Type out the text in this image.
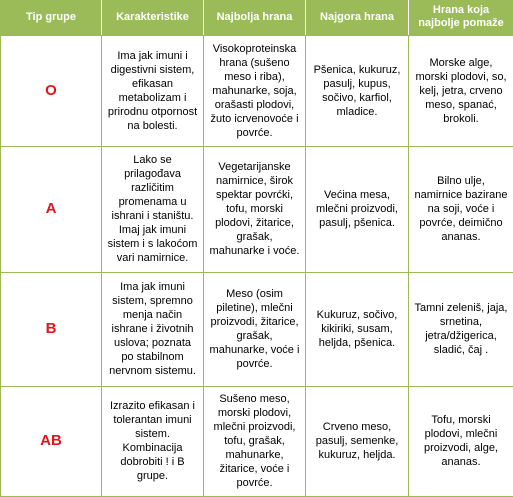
Tip grupe	Karakteristike	Najbolja hrana	Najgora hrana	Hrana koja najbolje pomaže
O	Ima jak imuni i digestivni sistem, efikasan metabolizam i prirodnu otpornost na bolesti.	Visokoproteinska hrana (sušeno meso i riba), mahunarke, soja, orašasti plodovi, žuto icrvenovoće i povrće.	Pšenica, kukuruz, pasulj, kupus, sočivo, karfiol, mladice.	Morske alge, morski plodovi, so, kelj, jetra, crveno meso, spanać, brokoli.
A	Lako se prilagođava različitim promenama u ishrani i staništu. Imaj jak imuni sistem i s lakoćom vari namirnice.	Vegetarijanske namirnice, širok spektar povrćki, tofu, morski plodovi, žitarice, grašak, mahunarke i voće.	Većina mesa, mlečni proizvodi, pasulj, pšenica.	Bilno ulje, namirnice bazirane na soji, voće i povrće, deimično ananas.
B	Ima jak imuni sistem, spremno menja način ishrane i životnih uslova; poznata po stabilnom nervnom sistemu.	Meso (osim piletine), mlečni proizvodi, žitarice, grašak, mahunarke, voće i povrće.	Kukuruz, sočivo, kikiriki, susam, heljda, pšenica.	Tamni zeleniš, jaja, srnetina, jetra/džigerica, sladić, čaj .
AB	Izrazito efikasan i tolerantan imuni sistem. Kombinacija dobrobiti ! i B grupe.	Sušeno meso, morski plodovi, mlečni proizvodi, tofu, grašak, mahunarke, žitarice, voće i povrće.	Crveno meso, pasulj, semenke, kukuruz, heljda.	Tofu, morski plodovi, mlečni proizvodi, alge, ananas.
